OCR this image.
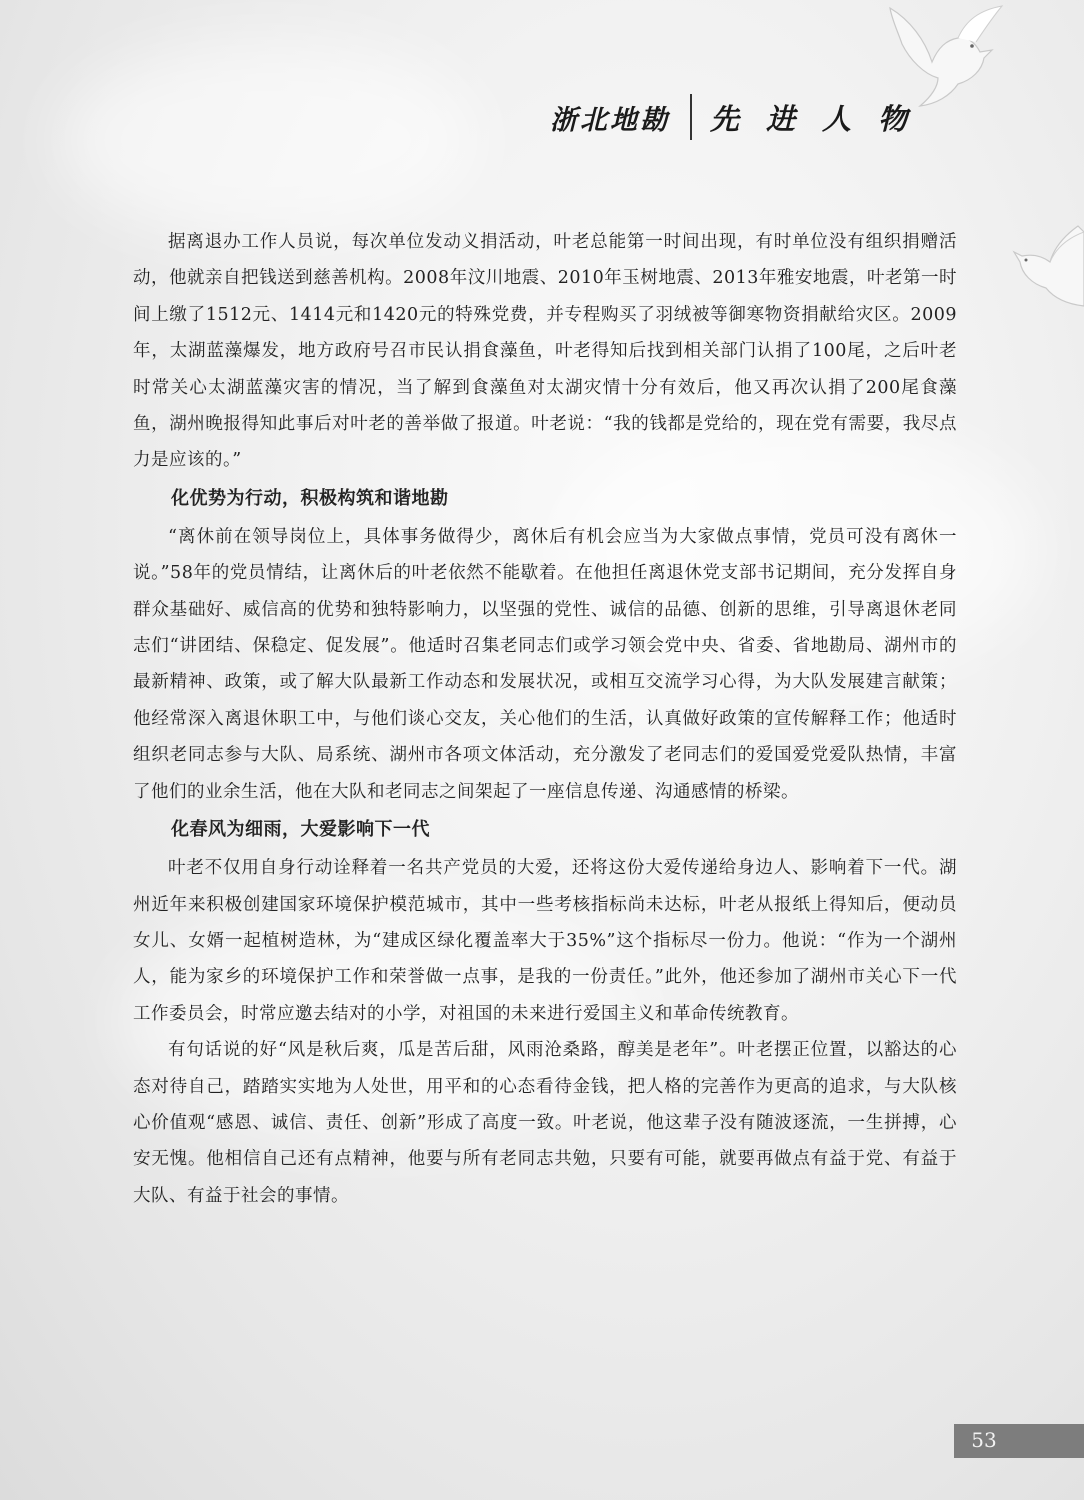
浙北地勘 先进人物

据离退办工作人员说，每次单位发动义捐活动，叶老总能第一时间出现，有时单位没有组织捐赠活动，他就亲自把钱送到慈善机构。2008年汶川地震、2010年玉树地震、2013年雅安地震，叶老第一时间上缴了1512元、1414元和1420元的特殊党费，并专程购买了羽绒被等御寒物资捐献给灾区。2009年，太湖蓝藻爆发，地方政府号召市民认捐食藻鱼，叶老得知后找到相关部门认捐了100尾，之后叶老时常关心太湖蓝藻灾害的情况，当了解到食藻鱼对太湖灾情十分有效后，他又再次认捐了200尾食藻鱼，湖州晚报得知此事后对叶老的善举做了报道。叶老说：“我的钱都是党给的，现在党有需要，我尽点力是应该的。”

化优势为行动，积极构筑和谐地勘

“离休前在领导岗位上，具体事务做得少，离休后有机会应当为大家做点事情，党员可没有离休一说。”58年的党员情结，让离休后的叶老依然不能歇着。在他担任离退休党支部书记期间，充分发挥自身群众基础好、威信高的优势和独特影响力，以坚强的党性、诚信的品德、创新的思维，引导离退休老同志们“讲团结、保稳定、促发展”。他适时召集老同志们或学习领会党中央、省委、省地勘局、湖州市的最新精神、政策，或了解大队最新工作动态和发展状况，或相互交流学习心得，为大队发展建言献策；他经常深入离退休职工中，与他们谈心交友，关心他们的生活，认真做好政策的宣传解释工作；他适时组织老同志参与大队、局系统、湖州市各项文体活动，充分激发了老同志们的爱国爱党爱队热情，丰富了他们的业余生活，他在大队和老同志之间架起了一座信息传递、沟通感情的桥梁。

化春风为细雨，大爱影响下一代

叶老不仅用自身行动诠释着一名共产党员的大爱，还将这份大爱传递给身边人、影响着下一代。湖州近年来积极创建国家环境保护模范城市，其中一些考核指标尚未达标，叶老从报纸上得知后，便动员女儿、女婿一起植树造林，为“建成区绿化覆盖率大于35%”这个指标尽一份力。他说：“作为一个湖州人，能为家乡的环境保护工作和荣誉做一点事，是我的一份责任。”此外，他还参加了湖州市关心下一代工作委员会，时常应邀去结对的小学，对祖国的未来进行爱国主义和革命传统教育。

有句话说的好“风是秋后爽，瓜是苦后甜，风雨沧桑路，醇美是老年”。叶老摆正位置，以豁达的心态对待自己，踏踏实实地为人处世，用平和的心态看待金钱，把人格的完善作为更高的追求，与大队核心价值观“感恩、诚信、责任、创新”形成了高度一致。叶老说，他这辈子没有随波逐流，一生拼搏，心安无愧。他相信自己还有点精神，他要与所有老同志共勉，只要有可能，就要再做点有益于党、有益于大队、有益于社会的事情。

53
